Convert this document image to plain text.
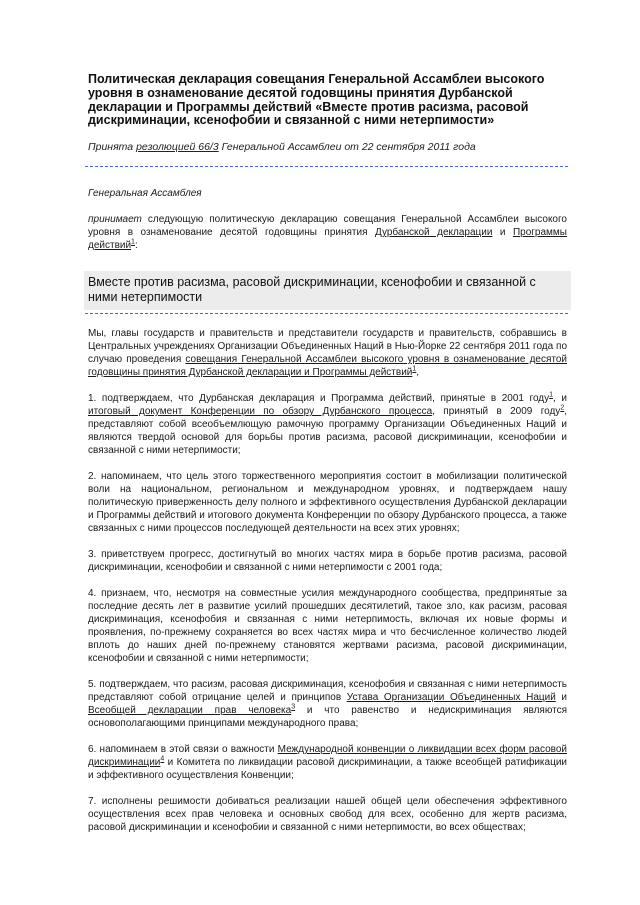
Политическая декларация совещания Генеральной Ассамблеи высокого уровня в ознаменование десятой годовщины принятия Дурбанской декларации и Программы действий «Вместе против расизма, расовой дискриминации, ксенофобии и связанной с ними нетерпимости»
Принята резолюцией 66/3 Генеральной Ассамблеи от 22 сентября 2011 года
Генеральная Ассамблея

принимает следующую политическую декларацию совещания Генеральной Ассамблеи высокого уровня в ознаменование десятой годовщины принятия Дурбанской декларации и Программы действий$^1$:

Вместе против расизма, расовой дискриминации, ксенофобии и связанной с ними нетерпимости

Мы, главы государств и правительств и представители государств и правительств, собравшись в Центральных учреждениях Организации Объединенных Наций в Нью-Йорке 22 сентября 2011 года по случаю проведения совещания Генеральной Ассамблеи высокого уровня в ознаменование десятой годовщины принятия Дурбанской декларации и Программы действий$^1$,

1. подтверждаем, что Дурбанская декларация и Программа действий, принятые в 2001 году$^1$, и итоговый документ Конференции по обзору Дурбанского процесса, принятый в 2009 году$^2$, представляют собой всеобъемлющую рамочную программу Организации Объединенных Наций и являются твердой основой для борьбы против расизма, расовой дискриминации, ксенофобии и связанной с ними нетерпимости;

2. напоминаем, что цель этого торжественного мероприятия состоит в мобилизации политической воли на национальном, региональном и международном уровнях, и подтверждаем нашу политическую приверженность делу полного и эффективного осуществления Дурбанской декларации и Программы действий и итогового документа Конференции по обзору Дурбанского процесса, а также связанных с ними процессов последующей деятельности на всех этих уровнях;

3. приветствуем прогресс, достигнутый во многих частях мира в борьбе против расизма, расовой дискриминации, ксенофобии и связанной с ними нетерпимости с 2001 года;

4. признаем, что, несмотря на совместные усилия международного сообщества, предпринятые за последние десять лет в развитие усилий прошедших десятилетий, такое зло, как расизм, расовая дискриминация, ксенофобия и связанная с ними нетерпимость, включая их новые формы и проявления, по-прежнему сохраняется во всех частях мира и что бесчисленное количество людей вплоть до наших дней по-прежнему становятся жертвами расизма, расовой дискриминации, ксенофобии и связанной с ними нетерпимости;

5. подтверждаем, что расизм, расовая дискриминация, ксенофобия и связанная с ними нетерпимость представляют собой отрицание целей и принципов Устава Организации Объединенных Наций и Всеобщей декларации прав человека$^3$ и что равенство и недискриминация являются основополагающими принципами международного права;

6. напоминаем в этой связи о важности Международной конвенции о ликвидации всех форм расовой дискриминации$^4$ и Комитета по ликвидации расовой дискриминации, а также всеобщей ратификации и эффективного осуществления Конвенции;

7. исполнены решимости добиваться реализации нашей общей цели обеспечения эффективного осуществления всех прав человека и основных свобод для всех, особенно для жертв расизма, расовой дискриминации и ксенофобии и связанной с ними нетерпимости, во всех обществах;
